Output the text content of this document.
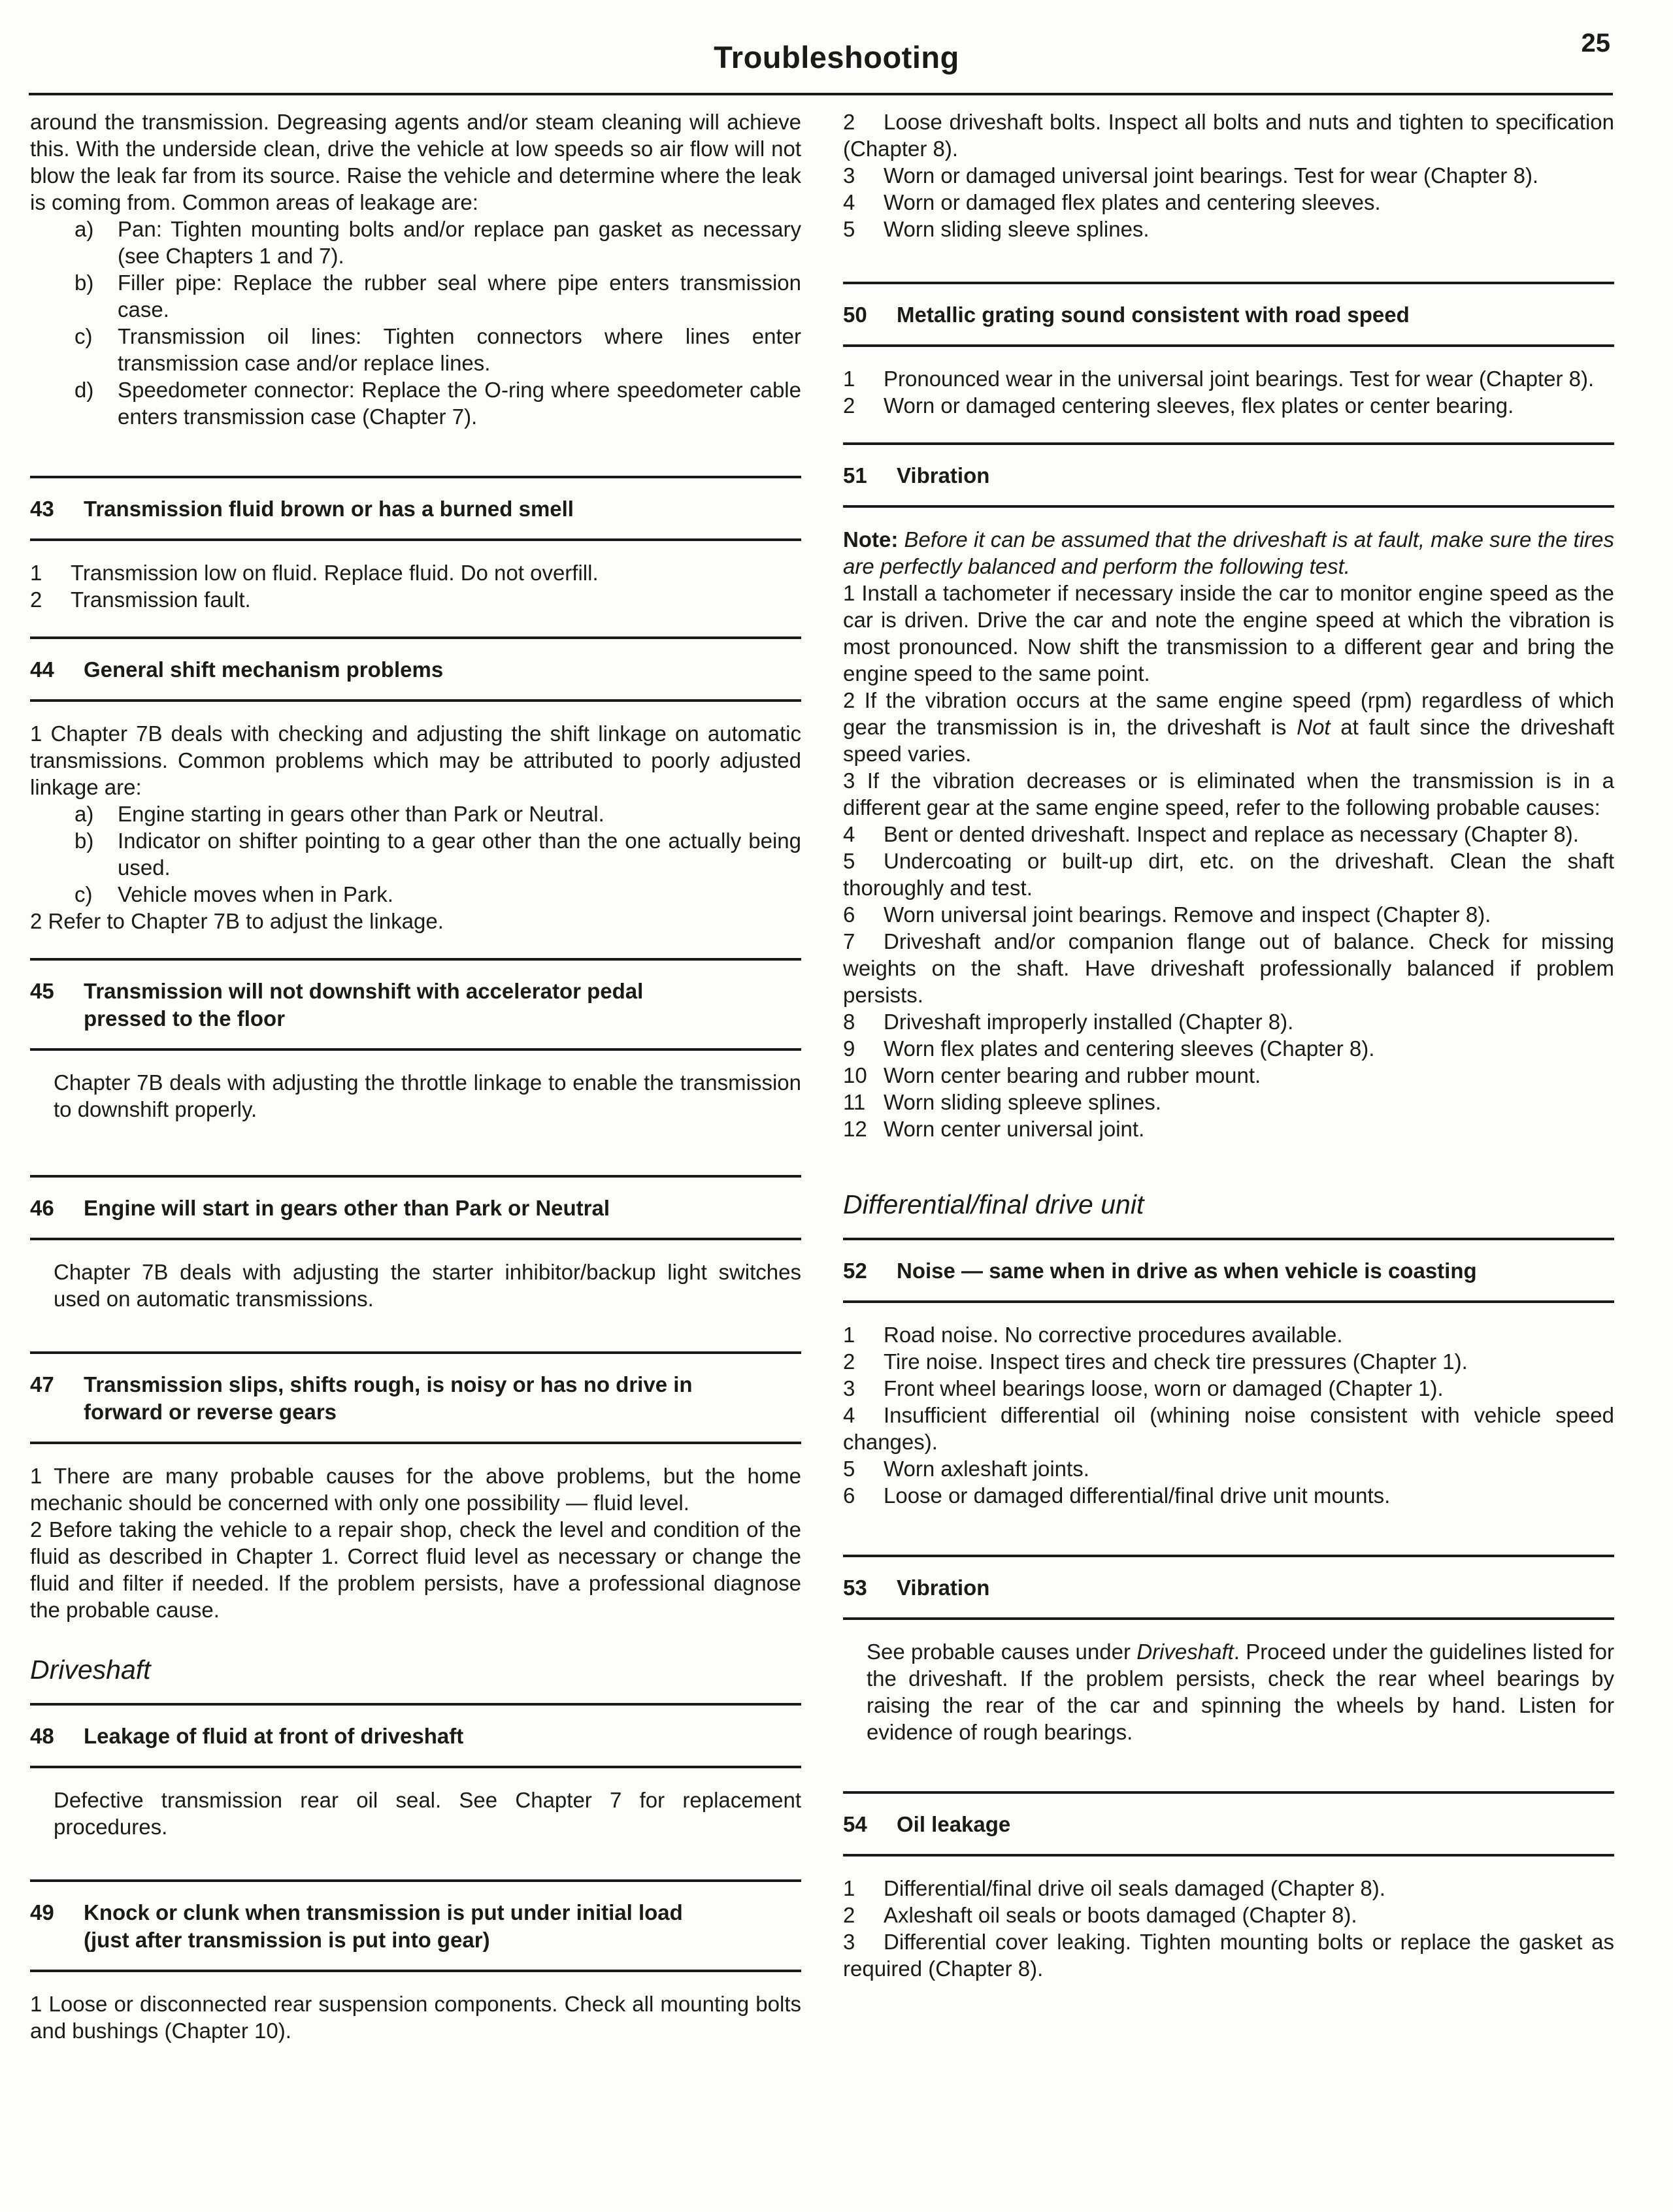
Troubleshooting	25

around the transmission. Degreasing agents and/or steam cleaning will achieve this. With the underside clean, drive the vehicle at low speeds so air flow will not blow the leak far from its source. Raise the vehicle and determine where the leak is coming from. Common areas of leakage are:

a) Pan: Tighten mounting bolts and/or replace pan gasket as necessary (see Chapters 1 and 7).

b) Filler pipe: Replace the rubber seal where pipe enters transmission case.

c) Transmission oil lines: Tighten connectors where lines enter transmission case and/or replace lines.

d) Speedometer connector: Replace the O-ring where speedometer cable enters transmission case (Chapter 7).

43 Transmission fluid brown or has a burned smell

1 Transmission low on fluid. Replace fluid. Do not overfill.

2 Transmission fault.

44 General shift mechanism problems

1 Chapter 7B deals with checking and adjusting the shift linkage on automatic transmissions. Common problems which may be attributed to poorly adjusted linkage are:

a) Engine starting in gears other than Park or Neutral.

b) Indicator on shifter pointing to a gear other than the one actually being used.

c) Vehicle moves when in Park.

2 Refer to Chapter 7B to adjust the linkage.

45 Transmission will not downshift with accelerator pedal
pressed to the floor

Chapter 7B deals with adjusting the throttle linkage to enable the transmission to downshift properly.

46 Engine will start in gears other than Park or Neutral

Chapter 7B deals with adjusting the starter inhibitor/backup light switches used on automatic transmissions.

47 Transmission slips, shifts rough, is noisy or has no drive in
forward or reverse gears

1 There are many probable causes for the above problems, but the home mechanic should be concerned with only one possibility — fluid level.

2 Before taking the vehicle to a repair shop, check the level and condition of the fluid as described in Chapter 1. Correct fluid level as necessary or change the fluid and filter if needed. If the problem persists, have a professional diagnose the probable cause.

Driveshaft
48 Leakage of fluid at front of driveshaft

Defective transmission rear oil seal. See Chapter 7 for replacement procedures.

49 Knock or clunk when transmission is put under initial load
(just after transmission is put into gear)

1 Loose or disconnected rear suspension components. Check all mounting bolts and bushings (Chapter 10).

2 Loose driveshaft bolts. Inspect all bolts and nuts and tighten to specification (Chapter 8).

3 Worn or damaged universal joint bearings. Test for wear (Chapter 8).

4 Worn or damaged flex plates and centering sleeves.

5 Worn sliding sleeve splines.

50 Metallic grating sound consistent with road speed

1 Pronounced wear in the universal joint bearings. Test for wear (Chapter 8).

2 Worn or damaged centering sleeves, flex plates or center bearing.

51 Vibration

Note: Before it can be assumed that the driveshaft is at fault, make sure the tires are perfectly balanced and perform the following test.

1 Install a tachometer if necessary inside the car to monitor engine speed as the car is driven. Drive the car and note the engine speed at which the vibration is most pronounced. Now shift the transmission to a different gear and bring the engine speed to the same point.

2 If the vibration occurs at the same engine speed (rpm) regardless of which gear the transmission is in, the driveshaft is Not at fault since the driveshaft speed varies.

3 If the vibration decreases or is eliminated when the transmission is in a different gear at the same engine speed, refer to the following probable causes:

4 Bent or dented driveshaft. Inspect and replace as necessary (Chapter 8).

5 Undercoating or built-up dirt, etc. on the driveshaft. Clean the shaft thoroughly and test.

6 Worn universal joint bearings. Remove and inspect (Chapter 8).

7 Driveshaft and/or companion flange out of balance. Check for missing weights on the shaft. Have driveshaft professionally balanced if problem persists.

8 Driveshaft improperly installed (Chapter 8).

9 Worn flex plates and centering sleeves (Chapter 8).

10 Worn center bearing and rubber mount.

11 Worn sliding spleeve splines.

12 Worn center universal joint.

Differential/final drive unit
52 Noise — same when in drive as when vehicle is coasting

1 Road noise. No corrective procedures available.

2 Tire noise. Inspect tires and check tire pressures (Chapter 1).

3 Front wheel bearings loose, worn or damaged (Chapter 1).

4 Insufficient differential oil (whining noise consistent with vehicle speed changes).

5 Worn axleshaft joints.

6 Loose or damaged differential/final drive unit mounts.

53 Vibration

See probable causes under Driveshaft. Proceed under the guidelines listed for the driveshaft. If the problem persists, check the rear wheel bearings by raising the rear of the car and spinning the wheels by hand. Listen for evidence of rough bearings.

54 Oil leakage

1 Differential/final drive oil seals damaged (Chapter 8).

2 Axleshaft oil seals or boots damaged (Chapter 8).

3 Differential cover leaking. Tighten mounting bolts or replace the gasket as required (Chapter 8).
